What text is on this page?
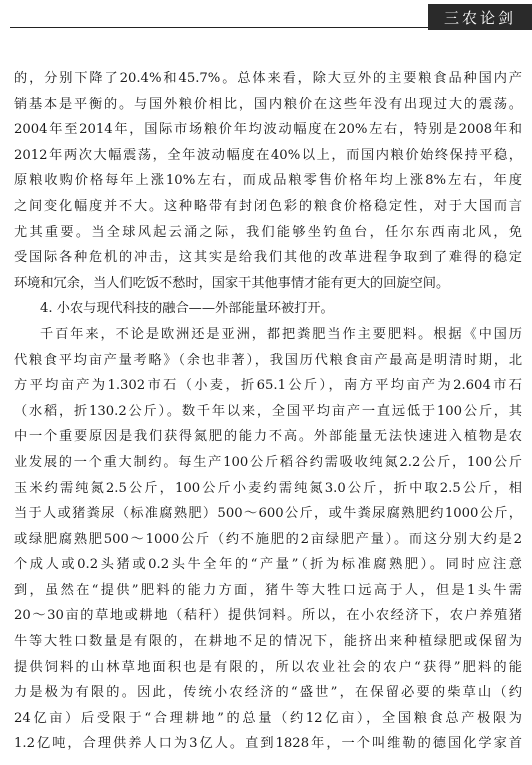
三农论剑
的，分别下降了20.4%和45.7%。总体来看，除大豆外的主要粮食品种国内产
销基本是平衡的。与国外粮价相比，国内粮价在这些年没有出现过大的震荡。
2004年至2014年，国际市场粮价年均波动幅度在20%左右，特别是2008年和
2012年两次大幅震荡，全年波动幅度在40%以上，而国内粮价始终保持平稳，
原粮收购价格每年上涨10%左右，而成品粮零售价格年均上涨8%左右，年度
之间变化幅度并不大。这种略带有封闭色彩的粮食价格稳定性，对于大国而言
尤其重要。当全球风起云涌之际，我们能够坐钓鱼台，任尔东西南北风，免
受国际各种危机的冲击，这其实是给我们其他的改革进程争取到了难得的稳定
环境和冗余，当人们吃饭不愁时，国家干其他事情才能有更大的回旋空间。
4. 小农与现代科技的融合——外部能量环被打开。
千百年来，不论是欧洲还是亚洲，都把粪肥当作主要肥料。根据《中国历
代粮食平均亩产量考略》（余也非著），我国历代粮食亩产最高是明清时期，北
方平均亩产为1.302市石（小麦，折65.1公斤），南方平均亩产为2.604市石
（水稻，折130.2公斤）。数千年以来，全国平均亩产一直远低于100公斤，其
中一个重要原因是我们获得氮肥的能力不高。外部能量无法快速进入植物是农
业发展的一个重大制约。每生产100公斤稻谷约需吸收纯氮2.2公斤，100公斤
玉米约需纯氮2.5公斤，100公斤小麦约需纯氮3.0公斤，折中取2.5公斤，相
当于人或猪粪尿（标准腐熟肥）500～600公斤，或牛粪尿腐熟肥约1000公斤，
或绿肥腐熟肥500～1000公斤（约不施肥的2亩绿肥产量）。而这分别大约是2
个成人或0.2头猪或0.2头牛全年的“产量”（折为标准腐熟肥）。同时应注意
到，虽然在“提供”肥料的能力方面，猪牛等大牲口远高于人，但是1头牛需
20～30亩的草地或耕地（秸秆）提供饲料。所以，在小农经济下，农户养殖猪
牛等大牲口数量是有限的，在耕地不足的情况下，能挤出来种植绿肥或保留为
提供饲料的山林草地面积也是有限的，所以农业社会的农户“获得”肥料的能
力是极为有限的。因此，传统小农经济的“盛世”，在保留必要的柴草山（约
24亿亩）后受限于“合理耕地”的总量（约12亿亩），全国粮食总产极限为
1.2亿吨，合理供养人口为3亿人。直到1828年，一个叫维勒的德国化学家首
